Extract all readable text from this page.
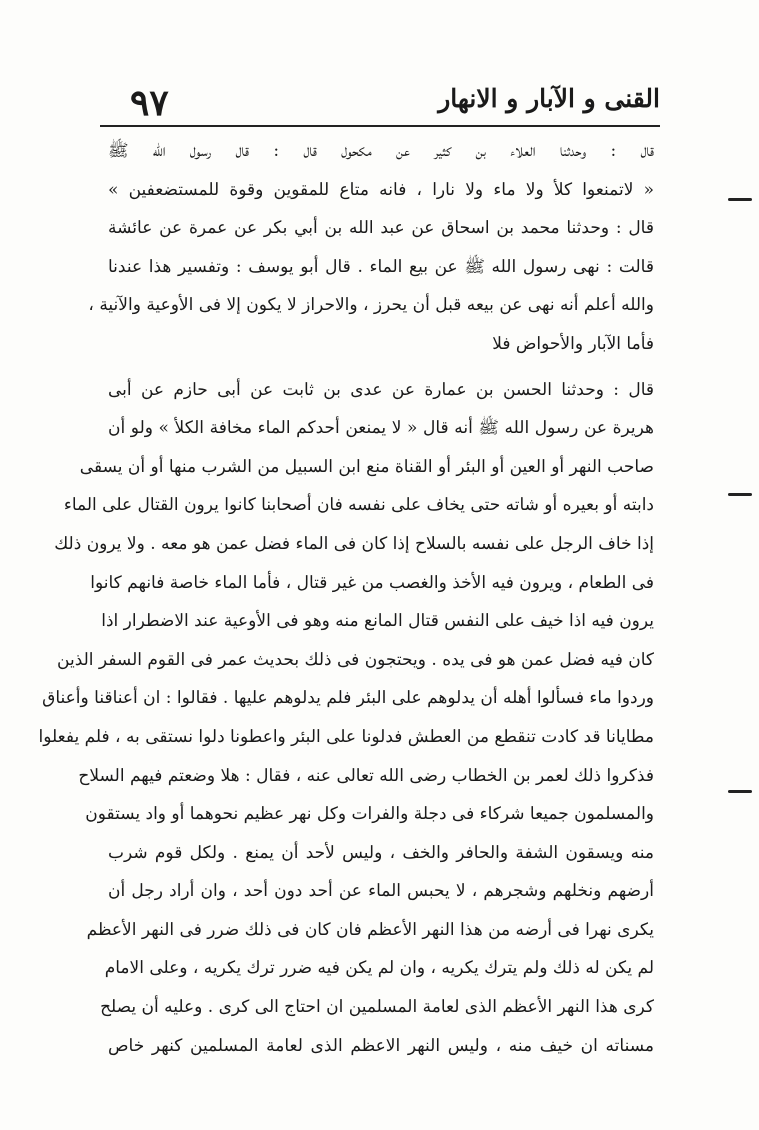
٩٧	القنى و الآبار و الانهار
قال : وحدثنا العلاء بن كثير عن مكحول قال : قال رسول الله ﷺ
« لاتمنعوا كلأ ولا ماء ولا نارا ، فانه متاع للمقوين وقوة للمستضعفين »
قال : وحدثنا محمد بن اسحاق عن عبد الله بن أبي بكر عن عمرة عن عائشة
قالت : نهى رسول الله ﷺ عن بيع الماء . قال أبو يوسف : وتفسير هذا عندنا
والله أعلم أنه نهى عن بيعه قبل أن يحرز ، والاحراز لا يكون إلا فى الأوعية والآنية ،
فأما الآبار والأحواض فلا
قال : وحدثنا الحسن بن عمارة عن عدى بن ثابت عن أبى حازم عن أبى
هريرة عن رسول الله ﷺ أنه قال « لا يمنعن أحدكم الماء مخافة الكلأ » ولو أن
صاحب النهر أو العين أو البئر أو القناة منع ابن السبيل من الشرب منها أو أن يسقى
دابته أو بعيره أو شاته حتى يخاف على نفسه فان أصحابنا كانوا يرون القتال على الماء
إذا خاف الرجل على نفسه بالسلاح إذا كان فى الماء فضل عمن هو معه . ولا يرون ذلك
فى الطعام ، ويرون فيه الأخذ والغصب من غير قتال ، فأما الماء خاصة فانهم كانوا
يرون فيه اذا خيف على النفس قتال المانع منه وهو فى الأوعية عند الاضطرار اذا
كان فيه فضل عمن هو فى يده . ويحتجون فى ذلك بحديث عمر فى القوم السفر الذين
وردوا ماء فسألوا أهله أن يدلوهم على البئر فلم يدلوهم عليها . فقالوا : ان أعناقنا وأعناق
مطايانا قد كادت تنقطع من العطش فدلونا على البئر واعطونا دلوا نستقى به ، فلم يفعلوا
فذكروا ذلك لعمر بن الخطاب رضى الله تعالى عنه ، فقال : هلا وضعتم فيهم السلاح
والمسلمون جميعا شركاء فى دجلة والفرات وكل نهر عظيم نحوهما أو واد يستقون
منه ويسقون الشفة والحافر والخف ، وليس لأحد أن يمنع . ولكل قوم شرب
أرضهم ونخلهم وشجرهم ، لا يحبس الماء عن أحد دون أحد ، وان أراد رجل أن
يكرى نهرا فى أرضه من هذا النهر الأعظم فان كان فى ذلك ضرر فى النهر الأعظم
لم يكن له ذلك ولم يترك يكريه ، وان لم يكن فيه ضرر ترك يكريه ، وعلى الامام
كرى هذا النهر الأعظم الذى لعامة المسلمين ان احتاج الى كرى . وعليه أن يصلح
مسناته ان خيف منه ، وليس النهر الاعظم الذى لعامة المسلمين كنهر خاص
